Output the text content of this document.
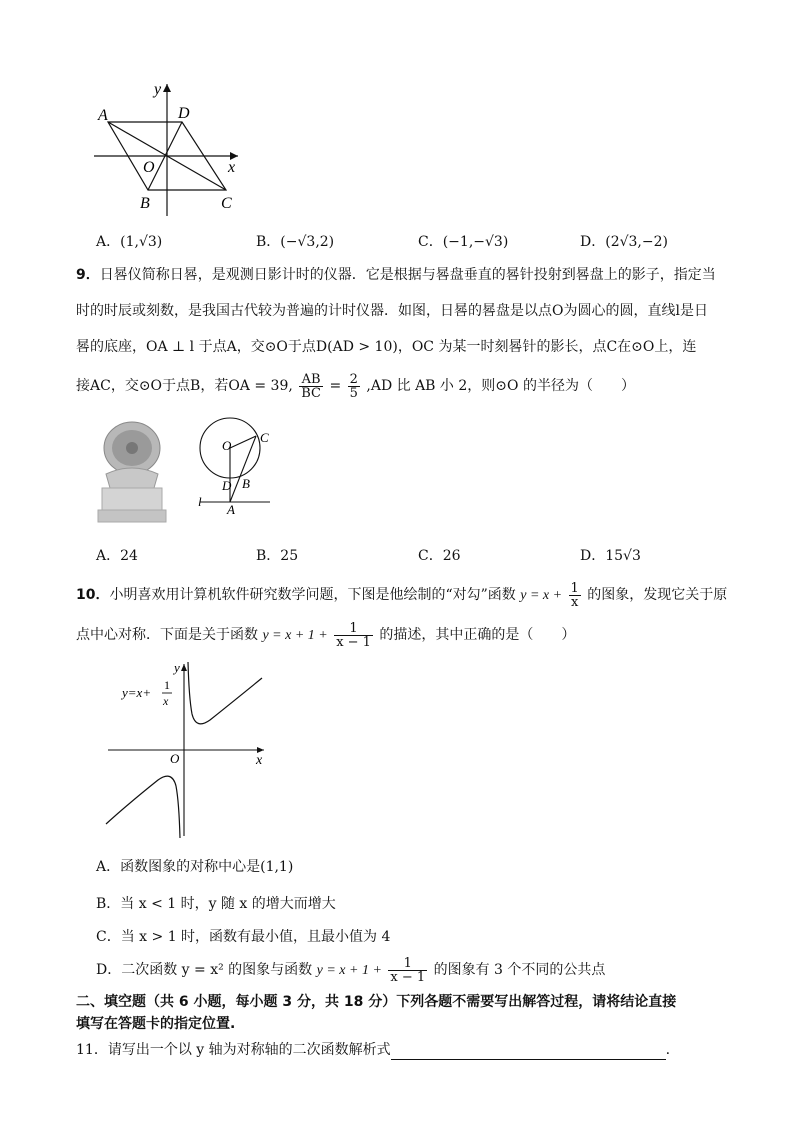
y
x
A	D
O
B	C
A．(1,√3)	B．(−√3,2)	C．(−1,−√3)	D．(2√3,−2)
9．日晷仪简称日晷，是观测日影计时的仪器．它是根据与晷盘垂直的晷针投射到晷盘上的影子，指定当
时的时辰或刻数，是我国古代较为普遍的计时仪器．如图，日晷的晷盘是以点O为圆心的圆，直线l是日
晷的底座，OA ⊥ l 于点A，交⊙O于点D(AD > 10)，OC 为某一时刻晷针的影长，点C在⊙O上，连
接AC，交⊙O于点B，若OA = 39, $\frac{AB}{BC} = \frac{2}{5} ,AD$ 比 AB 小 2，则⊙O 的半径为（　　）
O
C
D B
A
l
A．24	B．25	C．26	D．15√3
10．小明喜欢用计算机软件研究数学问题，下图是他绘制的“对勾”函数 $y = x + \frac{1}{x}$ 的图象，发现它关于原
点中心对称．下面是关于函数 $y = x + 1 + \frac{1}{x - 1}$ 的描述，其中正确的是（　　）
y=x+ 1
x
y
x
O
A．函数图象的对称中心是(1,1)
B．当 x < 1 时，y 随 x 的增大而增大
C．当 x > 1 时，函数有最小值，且最小值为 4
D．二次函数 y = x² 的图象与函数 $y = x + 1 + \frac{1}{x - 1}$ 的图象有 3 个不同的公共点
二、填空题（共 6 小题，每小题 3 分，共 18 分）下列各题不需要写出解答过程，请将结论直接
填写在答题卡的指定位置.
11．请写出一个以 y 轴为对称轴的二次函数解析式	.
